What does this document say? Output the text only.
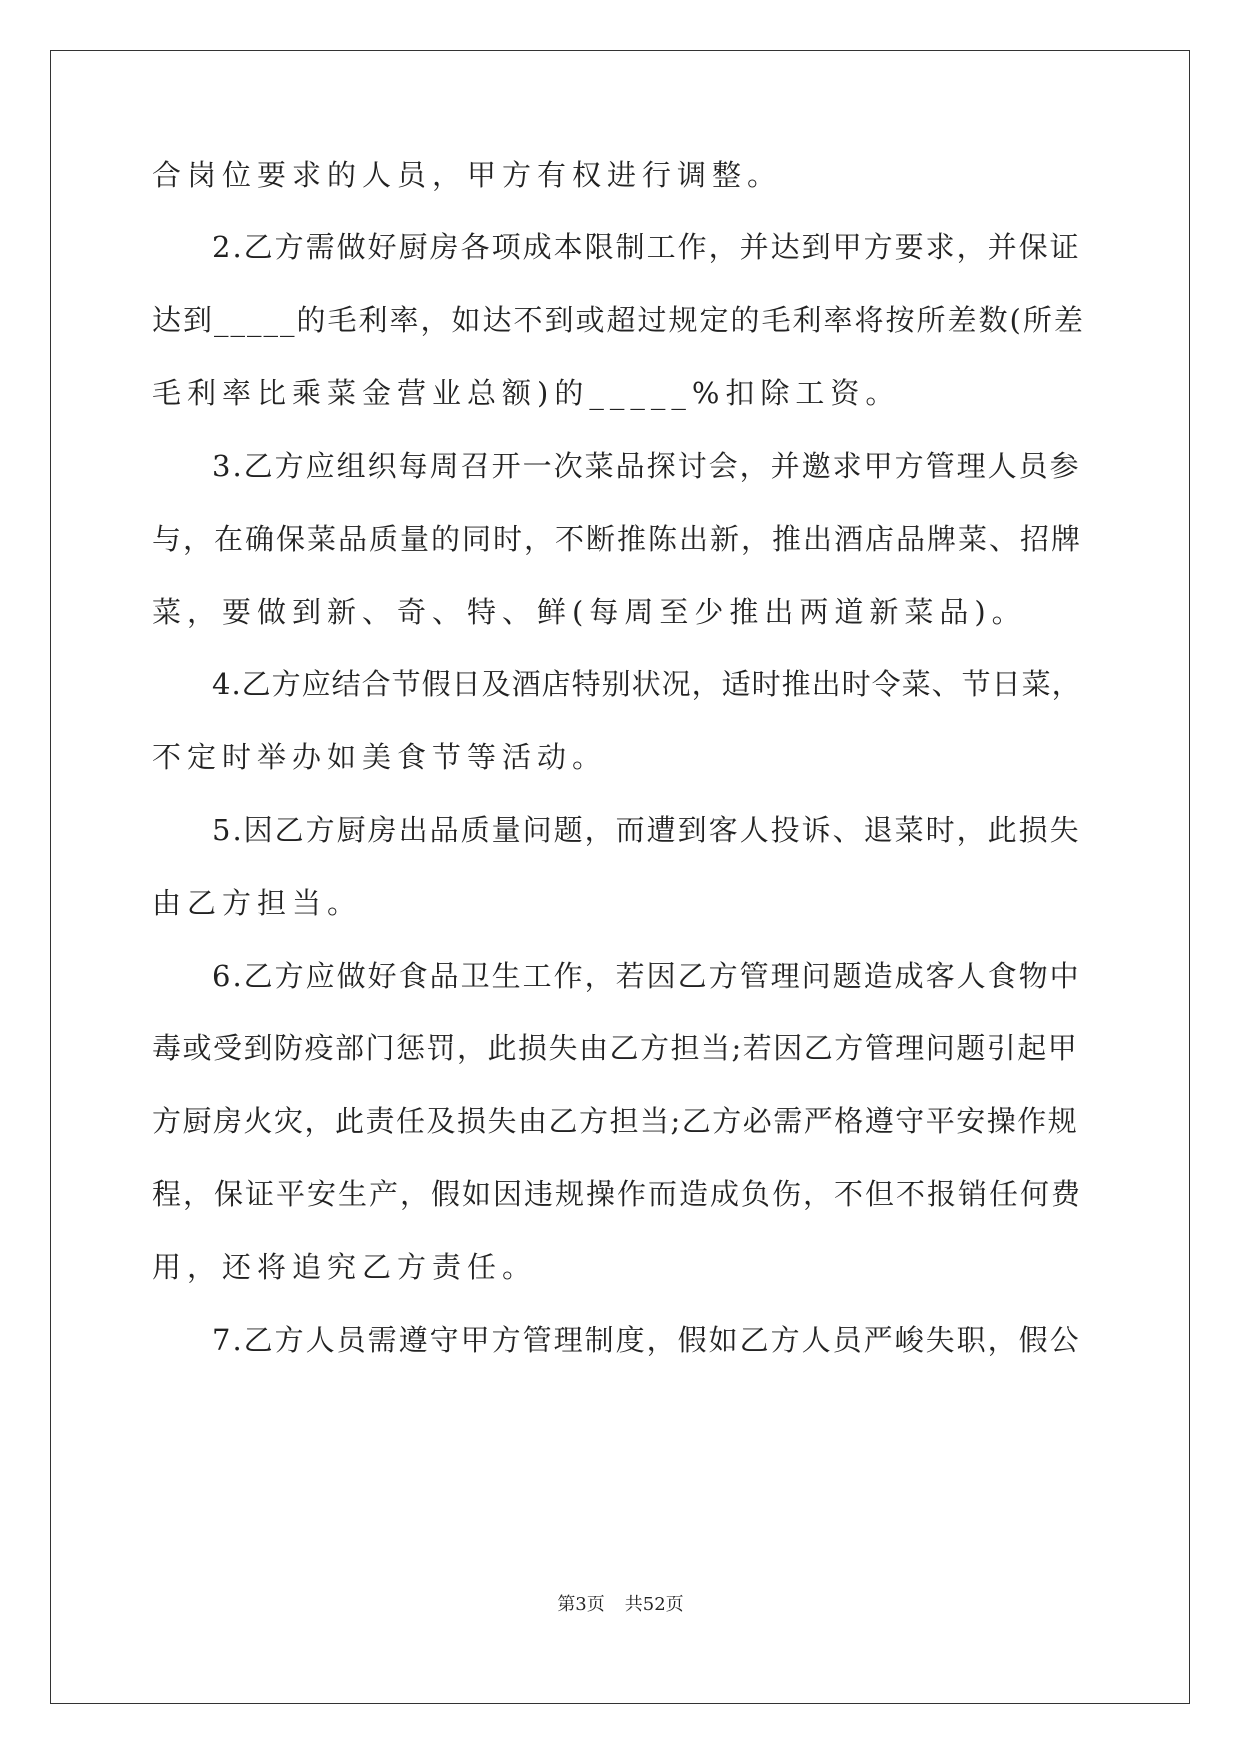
合岗位要求的人员，甲方有权进行调整。
2.乙方需做好厨房各项成本限制工作，并达到甲方要求，并保证
达到_____的毛利率，如达不到或超过规定的毛利率将按所差数(所差
毛利率比乘菜金营业总额)的_____%扣除工资。
3.乙方应组织每周召开一次菜品探讨会，并邀求甲方管理人员参
与，在确保菜品质量的同时，不断推陈出新，推出酒店品牌菜、招牌
菜，要做到新、奇、特、鲜(每周至少推出两道新菜品)。
4.乙方应结合节假日及酒店特别状况，适时推出时令菜、节日菜，
不定时举办如美食节等活动。
5.因乙方厨房出品质量问题，而遭到客人投诉、退菜时，此损失
由乙方担当。
6.乙方应做好食品卫生工作，若因乙方管理问题造成客人食物中
毒或受到防疫部门惩罚，此损失由乙方担当;若因乙方管理问题引起甲
方厨房火灾，此责任及损失由乙方担当;乙方必需严格遵守平安操作规
程，保证平安生产，假如因违规操作而造成负伤，不但不报销任何费
用，还将追究乙方责任。
7.乙方人员需遵守甲方管理制度，假如乙方人员严峻失职，假公
第3页 共52页
